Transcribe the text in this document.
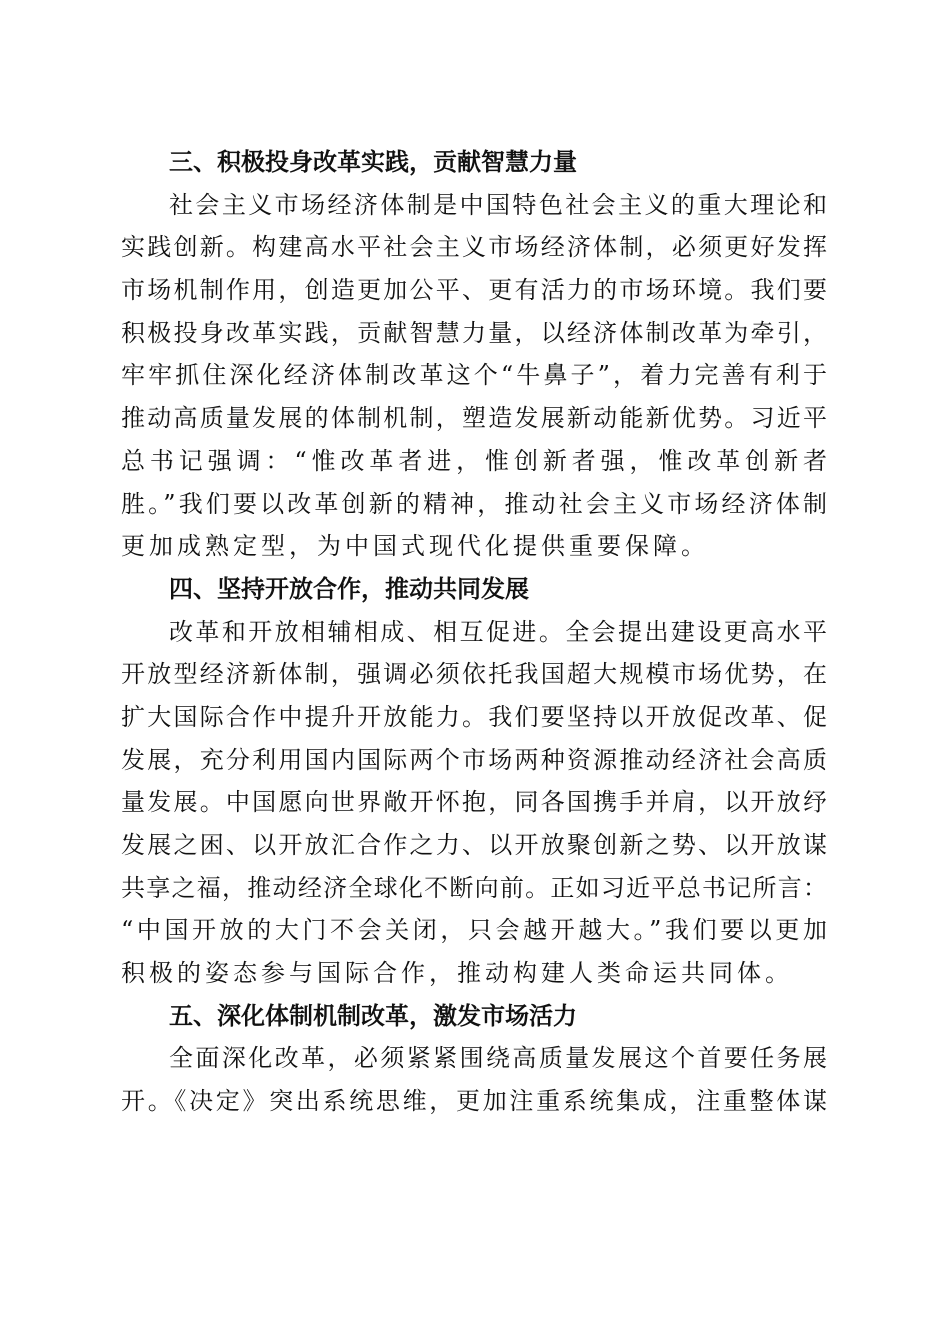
三、积极投身改革实践，贡献智慧力量
社会主义市场经济体制是中国特色社会主义的重大理论和
实践创新。构建高水平社会主义市场经济体制，必须更好发挥
市场机制作用，创造更加公平、更有活力的市场环境。我们要
积极投身改革实践，贡献智慧力量，以经济体制改革为牵引，
牢牢抓住深化经济体制改革这个“牛鼻子”，着力完善有利于
推动高质量发展的体制机制，塑造发展新动能新优势。习近平
总书记强调：“惟改革者进，惟创新者强，惟改革创新者
胜。”我们要以改革创新的精神，推动社会主义市场经济体制
更加成熟定型，为中国式现代化提供重要保障。
四、坚持开放合作，推动共同发展
改革和开放相辅相成、相互促进。全会提出建设更高水平
开放型经济新体制，强调必须依托我国超大规模市场优势，在
扩大国际合作中提升开放能力。我们要坚持以开放促改革、促
发展，充分利用国内国际两个市场两种资源推动经济社会高质
量发展。中国愿向世界敞开怀抱，同各国携手并肩，以开放纾
发展之困、以开放汇合作之力、以开放聚创新之势、以开放谋
共享之福，推动经济全球化不断向前。正如习近平总书记所言：
“中国开放的大门不会关闭，只会越开越大。”我们要以更加
积极的姿态参与国际合作，推动构建人类命运共同体。
五、深化体制机制改革，激发市场活力
全面深化改革，必须紧紧围绕高质量发展这个首要任务展
开。《决定》突出系统思维，更加注重系统集成，注重整体谋
